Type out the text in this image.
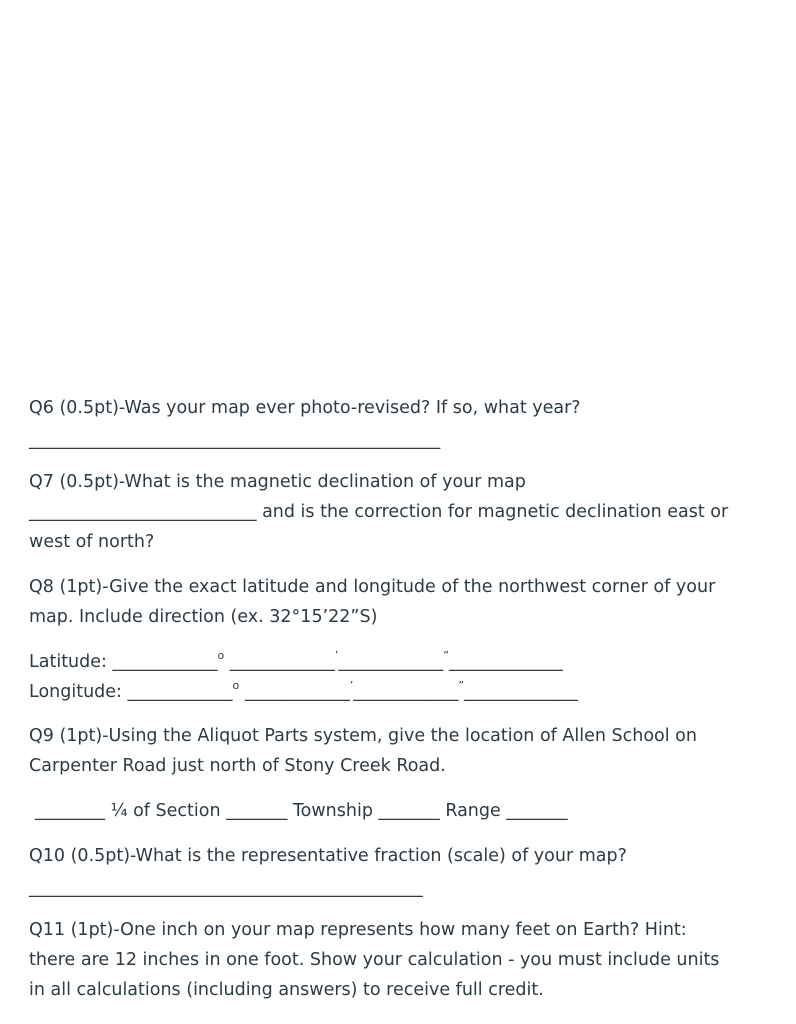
Q6 (0.5pt)-Was your map ever photo-revised? If so, what year?
_______________________________________________
Q7 (0.5pt)-What is the magnetic declination of your map
__________________________ and is the correction for magnetic declination east or
west of north?
Q8 (1pt)-Give the exact latitude and longitude of the northwest corner of your
map. Include direction (ex. 32°15’22”S)
Latitude: ____________$^o$ ____________’____________”_____________
Longitude: ____________$^o$ ____________’____________”_____________
Q9 (1pt)-Using the Aliquot Parts system, give the location of Allen School on
Carpenter Road just north of Stony Creek Road.
________ ¼ of Section _______ Township _______ Range _______
Q10 (0.5pt)-What is the representative fraction (scale) of your map?
_____________________________________________
Q11 (1pt)-One inch on your map represents how many feet on Earth? Hint:
there are 12 inches in one foot. Show your calculation - you must include units
in all calculations (including answers) to receive full credit.
